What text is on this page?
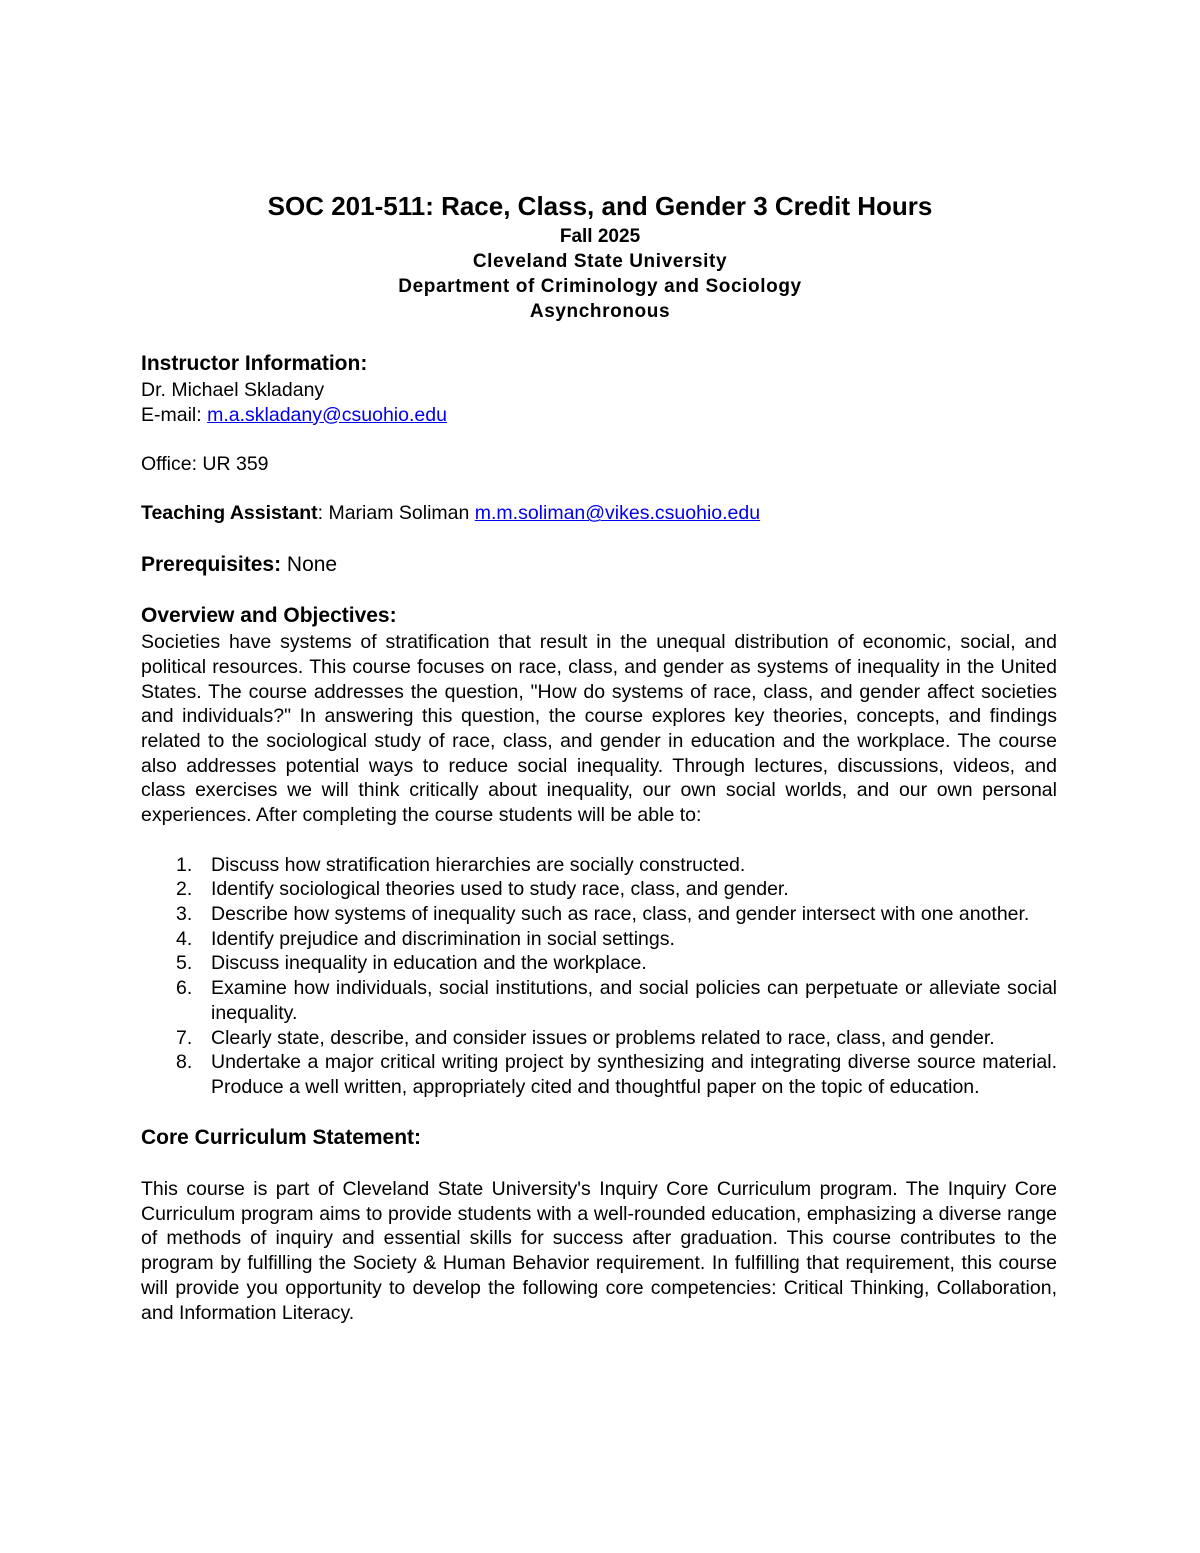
SOC 201-511: Race, Class, and Gender 3 Credit Hours

Fall 2025

Cleveland State University

Department of Criminology and Sociology

Asynchronous

Instructor Information:

Dr. Michael Skladany

E-mail: m.a.skladany@csuohio.edu

Office: UR 359

Teaching Assistant: Mariam Soliman m.m.soliman@vikes.csuohio.edu

Prerequisites: None

Overview and Objectives:

Societies have systems of stratification that result in the unequal distribution of economic, social, and political resources. This course focuses on race, class, and gender as systems of inequality in the United States. The course addresses the question, "How do systems of race, class, and gender affect societies and individuals?" In answering this question, the course explores key theories, concepts, and findings related to the sociological study of race, class, and gender in education and the workplace. The course also addresses potential ways to reduce social inequality. Through lectures, discussions, videos, and class exercises we will think critically about inequality, our own social worlds, and our own personal experiences. After completing the course students will be able to:

1. Discuss how stratification hierarchies are socially constructed.
2. Identify sociological theories used to study race, class, and gender.
3. Describe how systems of inequality such as race, class, and gender intersect with one another.
4. Identify prejudice and discrimination in social settings.
5. Discuss inequality in education and the workplace.
6. Examine how individuals, social institutions, and social policies can perpetuate or alleviate social inequality.
7. Clearly state, describe, and consider issues or problems related to race, class, and gender.
8. Undertake a major critical writing project by synthesizing and integrating diverse source material. Produce a well written, appropriately cited and thoughtful paper on the topic of education.

Core Curriculum Statement:

This course is part of Cleveland State University's Inquiry Core Curriculum program. The Inquiry Core Curriculum program aims to provide students with a well-rounded education, emphasizing a diverse range of methods of inquiry and essential skills for success after graduation. This course contributes to the program by fulfilling the Society & Human Behavior requirement. In fulfilling that requirement, this course will provide you opportunity to develop the following core competencies: Critical Thinking, Collaboration, and Information Literacy.
